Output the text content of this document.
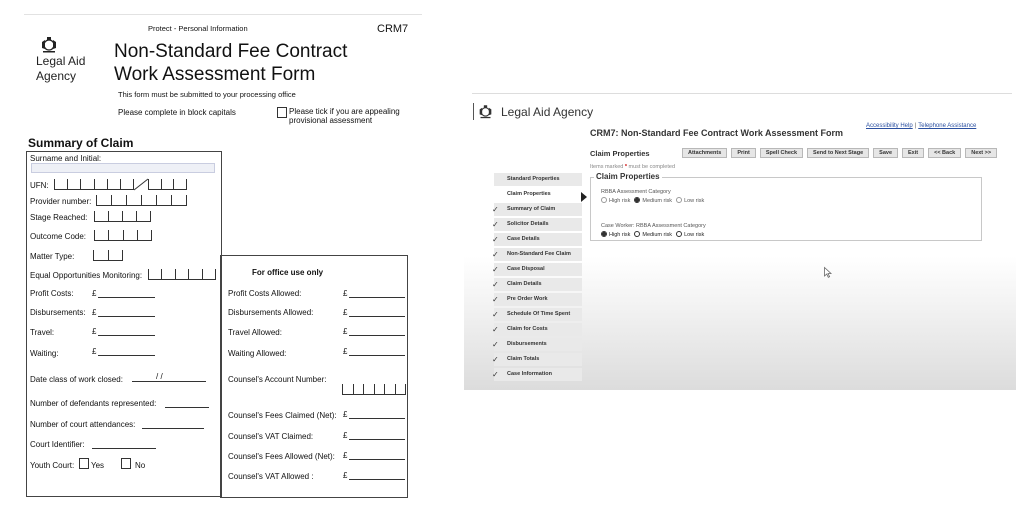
Protect - Personal Information	CRM7
Legal Aid
Agency
Non-Standard Fee Contract
Work Assessment Form
This form must be submitted to your processing office
Please complete in block capitals	Please tick if you are appealing provisional assessment
Summary of Claim
Surname and Initial:
UFN:
Provider number:
Stage Reached:
Outcome Code:
Matter Type:
Equal Opportunities Monitoring:
Profit Costs: £
Disbursements: £
Travel:	£
Waiting:	£
Date class of work closed:	/ /
Number of defendants represented:
Number of court attendances:
Court Identifier:
Youth Court: Yes	No
For office use only
Profit Costs Allowed:	£
Disbursements Allowed:	£
Travel Allowed:	£
Waiting Allowed:	£
Counsel's Account Number:
Counsel's Fees Claimed (Net): £
Counsel's VAT Claimed:	£
Counsel's Fees Allowed (Net): £
Counsel's VAT Allowed :	£
Legal Aid Agency
Accessibility Help | Telephone Assistance
CRM7: Non-Standard Fee Contract Work Assessment Form
Claim Properties	Attachments	Print	Spell Check	Send to Next Stage	Save	Exit	<< Back	Next >>
Items marked * must be completed
Standard Properties
Claim Properties
✓ Summary of Claim
✓ Solicitor Details
✓ Case Details
✓ Non-Standard Fee Claim
✓ Case Disposal
✓ Claim Details
✓ Pre Order Work
✓ Schedule Of Time Spent
✓ Claim for Costs
✓ Disbursements
✓ Claim Totals
✓ Case Information
Claim Properties
RBBA Assessment Category
High risk	Medium risk	Low risk
Case Worker: RBBA Assessment Category
High risk	Medium risk	Low risk
